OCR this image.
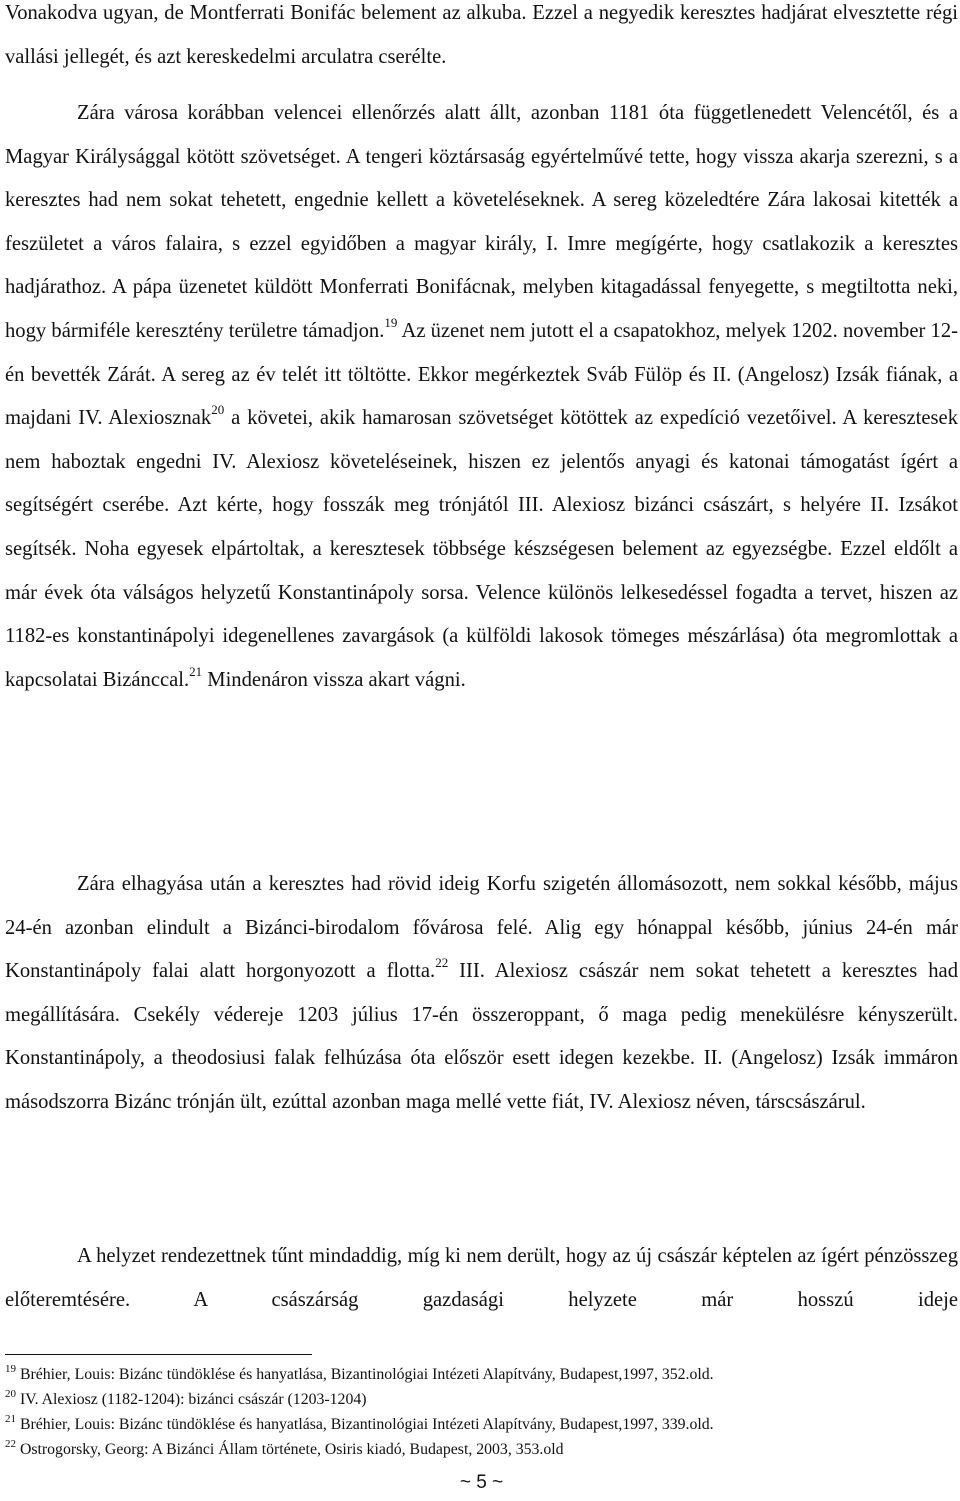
Vonakodva ugyan, de Montferrati Bonifác belement az alkuba. Ezzel a negyedik keresztes hadjárat elvesztette régi vallási jellegét, és azt kereskedelmi arculatra cserélte.

Zára városa korábban velencei ellenőrzés alatt állt, azonban 1181 óta függetlenedett Velencétől, és a Magyar Királysággal kötött szövetséget. A tengeri köztársaság egyértelművé tette, hogy vissza akarja szerezni, s a keresztes had nem sokat tehetett, engednie kellett a követeléseknek. A sereg közeledtére Zára lakosai kitették a feszületet a város falaira, s ezzel egyidőben a magyar király, I. Imre megígérte, hogy csatlakozik a keresztes hadjárathoz. A pápa üzenetet küldött Monferrati Bonifácnak, melyben kitagadással fenyegette, s megtiltotta neki, hogy bármiféle keresztény területre támadjon.$^{19}$ Az üzenet nem jutott el a csapatokhoz, melyek 1202. november 12-én bevették Zárát. A sereg az év telét itt töltötte. Ekkor megérkeztek Sváb Fülöp és II. (Angelosz) Izsák fiának, a majdani IV. Alexiosznak$^{20}$ a követei, akik hamarosan szövetséget kötöttek az expedíció vezetőivel. A keresztesek nem haboztak engedni IV. Alexiosz követeléseinek, hiszen ez jelentős anyagi és katonai támogatást ígért a segítségért cserébe. Azt kérte, hogy fosszák meg trónjától III. Alexiosz bizánci császárt, s helyére II. Izsákot segítsék. Noha egyesek elpártoltak, a keresztesek többsége készségesen belement az egyezségbe. Ezzel eldőlt a már évek óta válságos helyzetű Konstantinápoly sorsa. Velence különös lelkesedéssel fogadta a tervet, hiszen az 1182-es konstantinápolyi idegenellenes zavargások (a külföldi lakosok tömeges mészárlása) óta megromlottak a kapcsolatai Bizánccal.$^{21}$ Mindenáron vissza akart vágni.

Zára elhagyása után a keresztes had rövid ideig Korfu szigetén állomásozott, nem sokkal később, május 24-én azonban elindult a Bizánci-birodalom fővárosa felé. Alig egy hónappal később, június 24-én már Konstantinápoly falai alatt horgonyozott a flotta.$^{22}$ III. Alexiosz császár nem sokat tehetett a keresztes had megállítására. Csekély védereje 1203 július 17-én összeroppant, ő maga pedig menekülésre kényszerült. Konstantinápoly, a theodosiusi falak felhúzása óta először esett idegen kezekbe. II. (Angelosz) Izsák immáron másodszorra Bizánc trónján ült, ezúttal azonban maga mellé vette fiát, IV. Alexiosz néven, társcsászárul.

A helyzet rendezettnek tűnt mindaddig, míg ki nem derült, hogy az új császár képtelen az ígért pénzösszeg előteremtésére. A császárság gazdasági helyzete már hosszú ideje

$^{19}$ Bréhier, Louis: Bizánc tündöklése és hanyatlása, Bizantinológiai Intézeti Alapítvány, Budapest,1997, 352.old.
$^{20}$ IV. Alexiosz (1182-1204): bizánci császár (1203-1204)
$^{21}$ Bréhier, Louis: Bizánc tündöklése és hanyatlása, Bizantinológiai Intézeti Alapítvány, Budapest,1997, 339.old.
$^{22}$ Ostrogorsky, Georg: A Bizánci Állam története, Osiris kiadó, Budapest, 2003, 353.old
~ 5 ~
